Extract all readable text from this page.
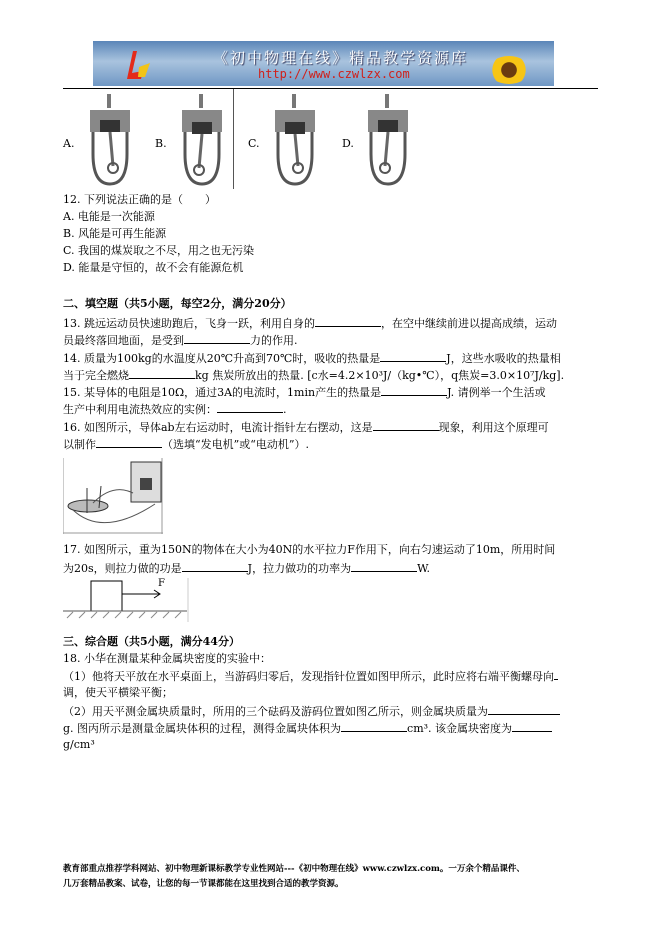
《初中物理在线》精品教学资源库
http://www.czwlzx.com
A.	B.	C.	D.
12. 下列说法正确的是（　　）
A. 电能是一次能源
B. 风能是可再生能源
C. 我国的煤炭取之不尽，用之也无污染
D. 能量是守恒的，故不会有能源危机
二、填空题（共5小题，每空2分，满分20分）
13. 跳远运动员快速助跑后，飞身一跃，利用自身的	，在空中继续前进以提高成绩，运动
员最终落回地面，是受到	力的作用.
14. 质量为100kg的水温度从20℃升高到70℃时，吸收的热量是	J，这些水吸收的热量相
当于完全燃烧	kg 焦炭所放出的热量. [c水=4.2×10³J/（kg•℃），q焦炭=3.0×10⁷J/kg].
15. 某导体的电阻是10Ω，通过3A的电流时，1min产生的热量是	J. 请例举一个生活或
生产中利用电流热效应的实例：	.
16. 如图所示，导体ab左右运动时，电流计指针左右摆动，这是	现象，利用这个原理可
以制作	（选填“发电机”或“电动机”）.
17. 如图所示，重为150N的物体在大小为40N的水平拉力F作用下，向右匀速运动了10m，所用时间
为20s，则拉力做的功是	J，拉力做功的功率为	W.
F
三、综合题（共5小题，满分44分）
18. 小华在测量某种金属块密度的实验中：
（1）他将天平放在水平桌面上，当游码归零后，发现指针位置如图甲所示，此时应将右端平衡螺母向
调，使天平横梁平衡；
（2）用天平测金属块质量时，所用的三个砝码及游码位置如图乙所示，则金属块质量为
g. 图丙所示是测量金属块体积的过程，测得金属块体积为	cm³. 该金属块密度为
g/cm³
教育部重点推荐学科网站、初中物理新课标教学专业性网站---《初中物理在线》www.czwlzx.com。一万余个精品课件、
几万套精品教案、试卷，让您的每一节课都能在这里找到合适的教学资源。
